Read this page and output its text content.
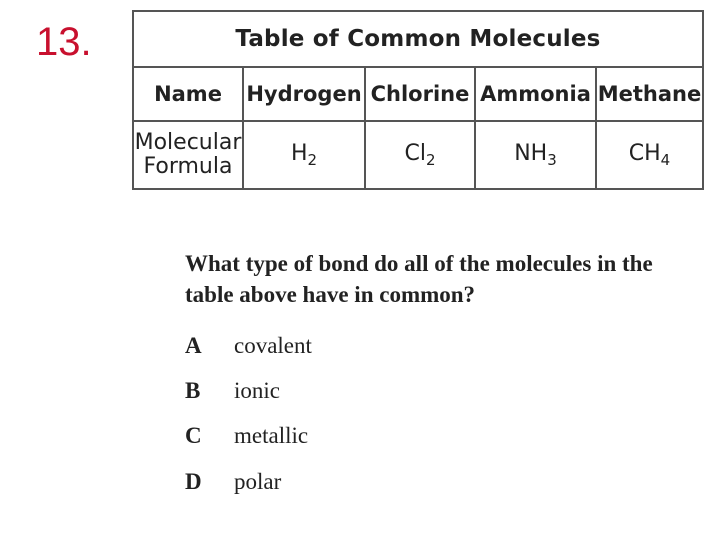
13.	Table of Common Molecules				
Name	Hydrogen	Chlorine	Ammonia	Methane
Molecular
Formula	$H_2$	$Cl_2$	$NH_3$	$CH_4$
What type of bond do all of the molecules in the
table above have in common?
A covalent
B ionic
C metallic
D polar
